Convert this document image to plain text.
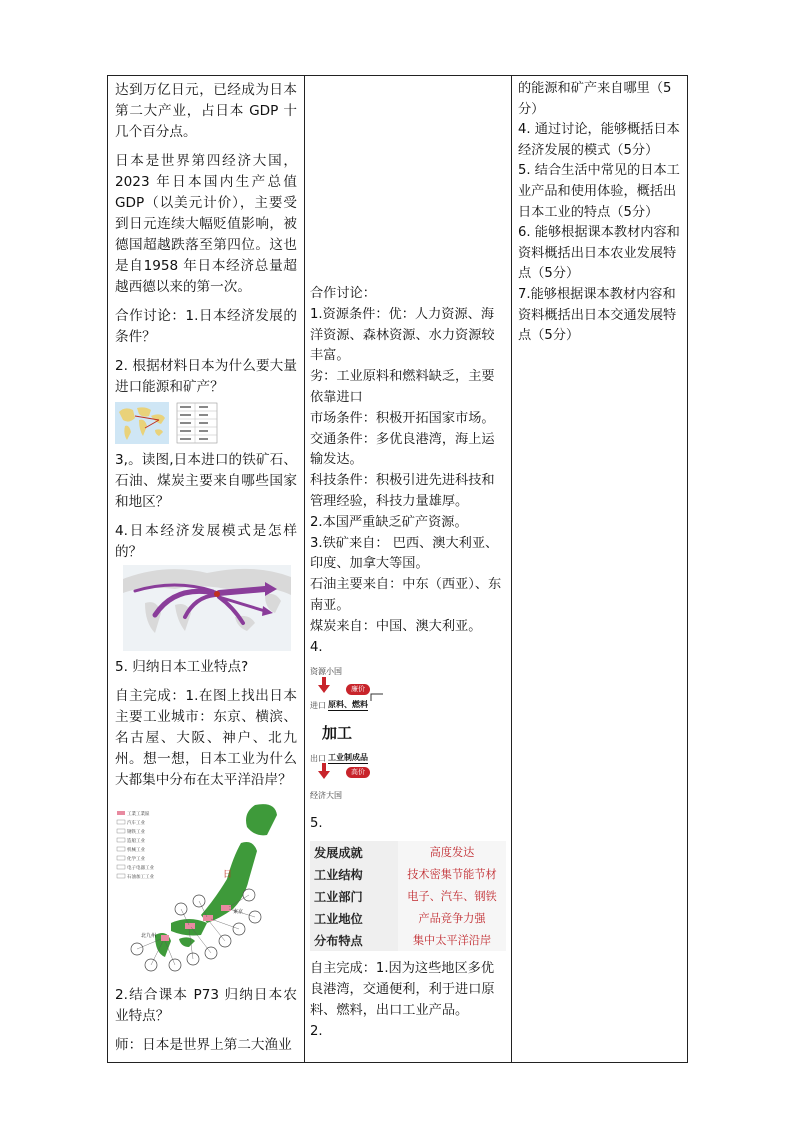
达到万亿日元，已经成为日本第二大产业，占日本 GDP 十几个百分点。

日本是世界第四经济大国，2023 年日本国内生产总值GDP（以美元计价），主要受到日元连续大幅贬值影响，被德国超越跌落至第四位。这也是自1958 年日本经济总量超越西德以来的第一次。

合作讨论：1.日本经济发展的条件？

2. 根据材料日本为什么要大量进口能源和矿产？

3,。读图,日本进口的铁矿石、石油、煤炭主要来自哪些国家和地区？

4.日本经济发展模式是怎样的？

5. 归纳日本工业特点?

自主完成：1.在图上找出日本主要工业城市：东京、横滨、名古屋、大阪、神户、北九州。想一想，日本工业为什么大都集中分布在太平洋沿岸？

工業工業區
汽车工业
钢铁工业
造船工业
机械工业
化学工业
电子电器工业
石油加工工业	日
東京
北九州

2.结合课本 P73 归纳日本农业特点？

师：日本是世界上第二大渔业

合作讨论：

1.资源条件：优：人力资源、海洋资源、森林资源、水力资源较丰富。

劣：工业原料和燃料缺乏，主要依靠进口

市场条件：积极开拓国家市场。

交通条件：多优良港湾，海上运输发达。

科技条件：积极引进先进科技和管理经验，科技力量雄厚。

2.本国严重缺乏矿产资源。

3.铁矿来自： 巴西、澳大利亚、印度、加拿大等国。

石油主要来自：中东（西亚）、东南亚。

煤炭来自：中国、澳大利亚。

4.

资源小国
廉价
进口 原料、燃料
加工
出口 工业制成品
高价
经济大国

5.

发展成就	高度发达
工业结构	技术密集节能节材
工业部门	电子、汽车、钢铁
工业地位	产品竞争力强
分布特点	集中太平洋沿岸

自主完成：1.因为这些地区多优良港湾，交通便利，利于进口原料、燃料，出口工业产品。

2.

的能源和矿产来自哪里（5分）

4. 通过讨论，能够概括日本经济发展的模式（5分）

5. 结合生活中常见的日本工业产品和使用体验，概括出日本工业的特点（5分）

6. 能够根据课本教材内容和资料概括出日本农业发展特点（5分）

7.能够根据课本教材内容和资料概括出日本交通发展特点（5分）
